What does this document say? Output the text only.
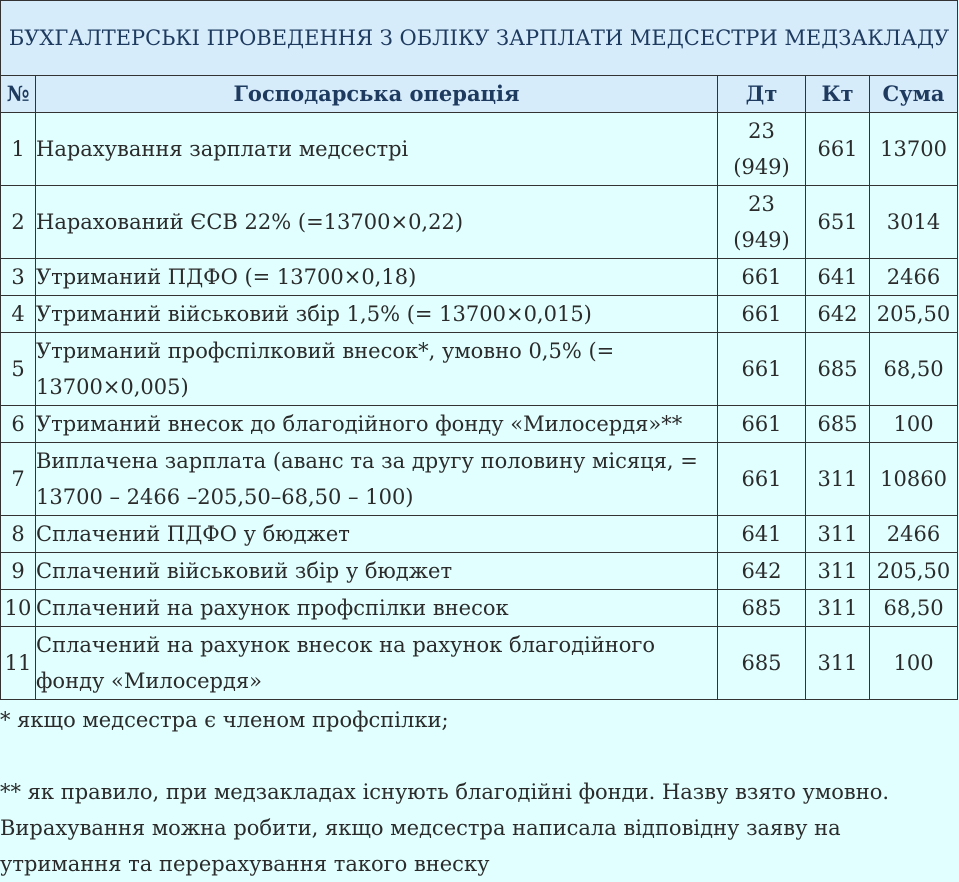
БУХГАЛТЕРСЬКІ ПРОВЕДЕННЯ З ОБЛІКУ ЗАРПЛАТИ МЕДСЕСТРИ МЕДЗАКЛАДУ				
№	Господарська операція	Дт	Кт	Сума
1	Нарахування зарплати медсестрі	23 (949)	661	13700
2	Нарахований ЄСВ 22% (=13700×0,22)	23 (949)	651	3014
3	Утриманий ПДФО (= 13700×0,18)	661	641	2466
4	Утриманий військовий збір 1,5% (= 13700×0,015)	661	642	205,50
5	Утриманий профспілковий внесок*, умовно 0,5% (= 13700×0,005)	661	685	68,50
6	Утриманий внесок до благодійного фонду «Милосердя»**	661	685	100
7	Виплачена зарплата (аванс та за другу половину місяця, = 13700 – 2466 –205,50–68,50 – 100)	661	311	10860
8	Сплачений ПДФО у бюджет	641	311	2466
9	Сплачений військовий збір у бюджет	642	311	205,50
10	Сплачений на рахунок профспілки внесок	685	311	68,50
11	Сплачений на рахунок внесок на рахунок благодійного фонду «Милосердя»	685	311	100
* якщо медсестра є членом профспілки;
** як правило, при медзакладах існують благодійні фонди. Назву взято умовно. Вирахування можна робити, якщо медсестра написала відповідну заяву на утримання та перерахування такого внеску
